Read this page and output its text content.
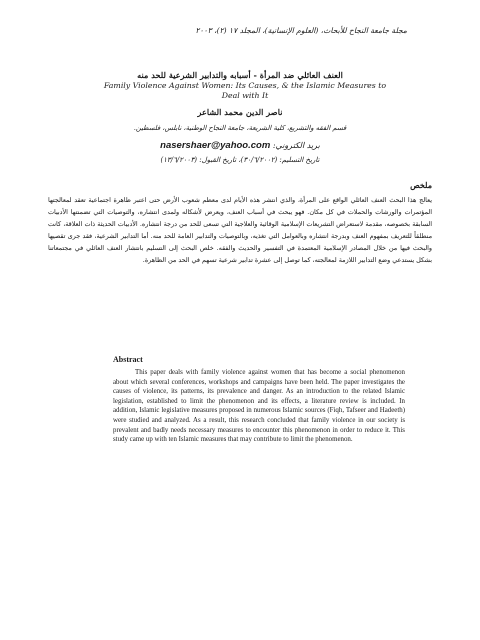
مجلة جامعة النجاح للأبحاث، (العلوم الإنسانية)، المجلد ١٧ (٢)، ٢٠٠٣
العنف العائلي ضد المرأة - أسبابه والتدابير الشرعية للحد منه
Family Violence Against Women: Its Causes, & the Islamic Measures to Deal with It
ناصر الدين محمد الشاعر
قسم الفقه والتشريع، كلية الشريعة، جامعة النجاح الوطنية، نابلس، فلسطين.
بريد الكتروني: nasershaer@yahoo.com
تاريخ التسليم: (٣٠/٦/٢٠٠٢)، تاريخ القبول: (١٣/٦/٢٠٠٣)
ملخص
يعالج هذا البحث العنف العائلي الواقع على المرأة، والذي انتشر هذه الأيام لدى معظم شعوب الأرض حتى اعتبر ظاهرة اجتماعية تعقد لمعالجتها المؤتمرات والورشات والحملات في كل مكان. فهو يبحث في أسباب العنف، ويعرض لأشكاله ولمدى انتشاره، والتوصيات التي تضمنتها الأدبيات السابقة بخصوصه، مقدمة لاستعراض التشريعات الإسلامية الوقائية والعلاجية التي تسعى للحد من درجة انتشاره. الأدبيات الحديثة ذات العلاقة، كانت منطلقاً للتعريف بمفهوم العنف وبدرجة انتشاره وبالعوامل التي تغذيه، وبالتوصيات والتدابير العامة للحد منه. أما التدابير الشرعية، فقد جرى تقصيها والبحث فيها من خلال المصادر الإسلامية المعتمدة في التفسير والحديث والفقه. خلص البحث إلى التسليم بانتشار العنف العائلي في مجتمعاتنا بشكل يستدعي وضع التدابير اللازمة لمعالجته، كما توصل إلى عشرة تدابير شرعية تسهم في الحد من الظاهرة.
Abstract
This paper deals with family violence against women that has become a social phenomenon about which several conferences, workshops and campaigns have been held. The paper investigates the causes of violence, its patterns, its prevalence and danger. As an introduction to the related Islamic legislation, established to limit the phenomenon and its effects, a literature review is included. In addition, Islamic legislative measures proposed in numerous Islamic sources (Fiqh, Tafseer and Hadeeth) were studied and analyzed. As a result, this research concluded that family violence in our society is prevalent and badly needs necessary measures to encounter this phenomenon in order to reduce it. This study came up with ten Islamic measures that may contribute to limit the phenomenon.
